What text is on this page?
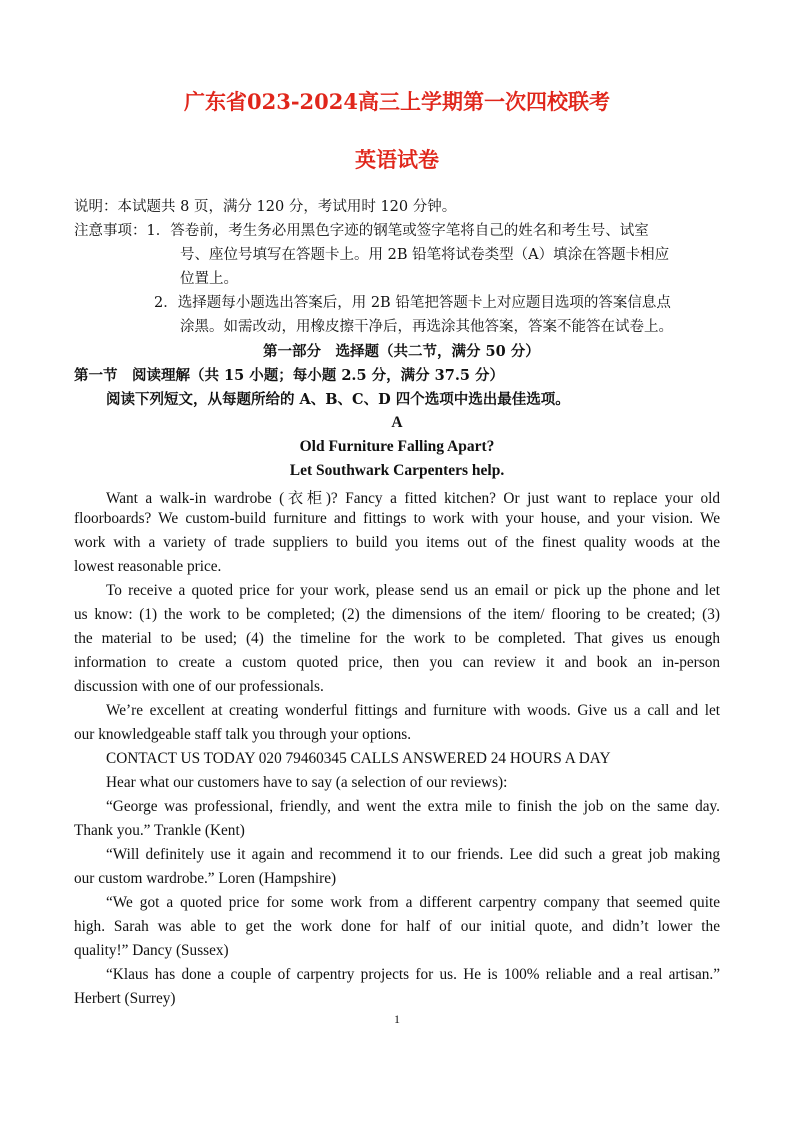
广东省023-2024高三上学期第一次四校联考
英语试卷
说明：本试题共 8 页，满分 120 分，考试用时 120 分钟。
注意事项：1．答卷前，考生务必用黑色字迹的钢笔或签字笔将自己的姓名和考生号、试室
号、座位号填写在答题卡上。用 2B 铅笔将试卷类型（A）填涂在答题卡相应
位置上。
2．选择题每小题选出答案后，用 2B 铅笔把答题卡上对应题目选项的答案信息点
涂黑。如需改动，用橡皮擦干净后，再选涂其他答案，答案不能答在试卷上。
第一部分　选择题（共二节，满分 50 分）
第一节　阅读理解（共 15 小题；每小题 2.5 分，满分 37.5 分）
阅读下列短文，从每题所给的 A、B、C、D 四个选项中选出最佳选项。
A
Old Furniture Falling Apart?
Let Southwark Carpenters help.
Want a walk-in wardrobe (衣柜)? Fancy a fitted kitchen? Or just want to replace your old
floorboards? We custom-build furniture and fittings to work with your house, and your vision. We
work with a variety of trade suppliers to build you items out of the finest quality woods at the
lowest reasonable price.
To receive a quoted price for your work, please send us an email or pick up the phone and let
us know: (1) the work to be completed; (2) the dimensions of the item/ flooring to be created; (3)
the material to be used; (4) the timeline for the work to be completed. That gives us enough
information to create a custom quoted price, then you can review it and book an in-person
discussion with one of our professionals.
We’re excellent at creating wonderful fittings and furniture with woods. Give us a call and let
our knowledgeable staff talk you through your options.
CONTACT US TODAY 020 79460345 CALLS ANSWERED 24 HOURS A DAY
Hear what our customers have to say (a selection of our reviews):
“George was professional, friendly, and went the extra mile to finish the job on the same day.
Thank you.” Trankle (Kent)
“Will definitely use it again and recommend it to our friends. Lee did such a great job making
our custom wardrobe.” Loren (Hampshire)
“We got a quoted price for some work from a different carpentry company that seemed quite
high. Sarah was able to get the work done for half of our initial quote, and didn’t lower the
quality!” Dancy (Sussex)
“Klaus has done a couple of carpentry projects for us. He is 100% reliable and a real artisan.”
Herbert (Surrey)
1
